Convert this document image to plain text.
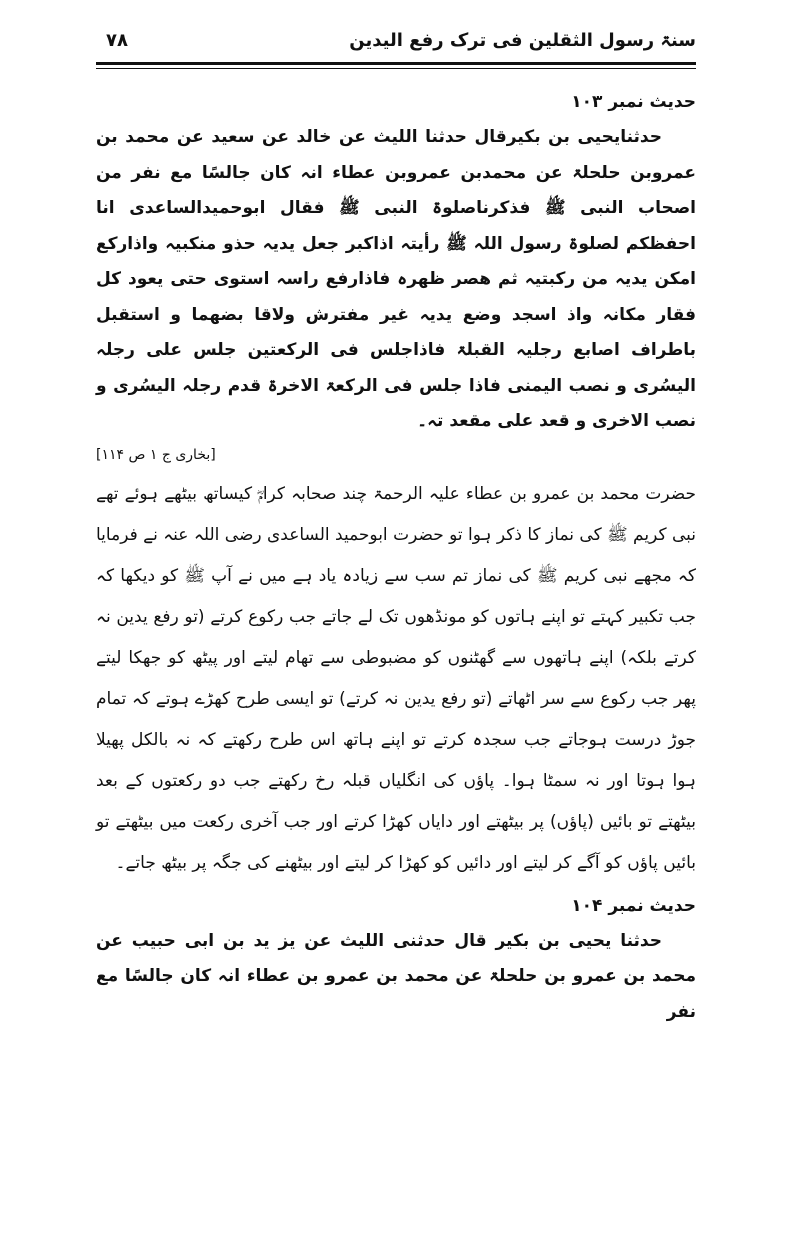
سنۃ رسول الثقلین فی ترک رفع الیدین
۷۸
حدیث نمبر ۱۰۳
حدثنایحیی بن بکیرقال حدثنا اللیث عن خالد عن سعید عن محمد بن عمروبن حلحلۃ عن محمدبن عمروبن عطاء انہ کان جالسًا مع نفر من اصحاب النبی ﷺ فذکرناصلوۃ النبی ﷺ فقال ابوحمیدالساعدی انا احفظکم لصلوۃ رسول اللہ ﷺ رأیتہ اذاکبر جعل یدیہ حذو منکبیہ واذارکع امکن یدیہ من رکبتیہ ثم ھصر ظھرہ فاذارفع راسہ استوی حتی یعود کل فقار مکانہ واذ اسجد وضع یدیہ غیر مفترش ولاقا بضھما و استقبل باطراف اصابع رجلیہ القبلۃ فاذاجلس فی الرکعتین جلس علی رجلہ الیسُری و نصب الیمنی فاذا جلس فی الرکعۃ الاخرۃ قدم رجلہ الیسُری و نصب الاخری و قعد علی مقعد تہ۔
[بخاری ج ۱ ص ۱۱۴]
حضرت محمد بن عمرو بن عطاء علیہ الرحمۃ چند صحابہ کرامؓ کیساتھ بیٹھے ہوئے تھے نبی کریم ﷺ کی نماز کا ذکر ہوا تو حضرت ابوحمید الساعدی رضی اللہ عنہ نے فرمایا کہ مجھے نبی کریم ﷺ کی نماز تم سب سے زیادہ یاد ہے میں نے آپ ﷺ کو دیکھا کہ جب تکبیر کہتے تو اپنے ہاتوں کو مونڈھوں تک لے جاتے جب رکوع کرتے (تو رفع یدین نہ کرتے بلکہ) اپنے ہاتھوں سے گھٹنوں کو مضبوطی سے تھام لیتے اور پیٹھ کو جھکا لیتے پھر جب رکوع سے سر اٹھاتے (تو رفع یدین نہ کرتے) تو ایسی طرح کھڑے ہوتے کہ تمام جوڑ درست ہوجاتے جب سجدہ کرتے تو اپنے ہاتھ اس طرح رکھتے کہ نہ بالکل پھیلا ہوا ہوتا اور نہ سمٹا ہوا۔ پاؤں کی انگلیاں قبلہ رخ رکھتے جب دو رکعتوں کے بعد بیٹھتے تو بائیں (پاؤں) پر بیٹھتے اور دایاں کھڑا کرتے اور جب آخری رکعت میں بیٹھتے تو بائیں پاؤں کو آگے کر لیتے اور دائیں کو کھڑا کر لیتے اور بیٹھنے کی جگہ پر بیٹھ جاتے۔
حدیث نمبر ۱۰۴
حدثنا یحیی بن بکیر قال حدثنی اللیث عن یز ید بن ابی حبیب عن محمد بن عمرو بن حلحلۃ عن محمد بن عمرو بن عطاء انہ کان جالسًا مع نفر
